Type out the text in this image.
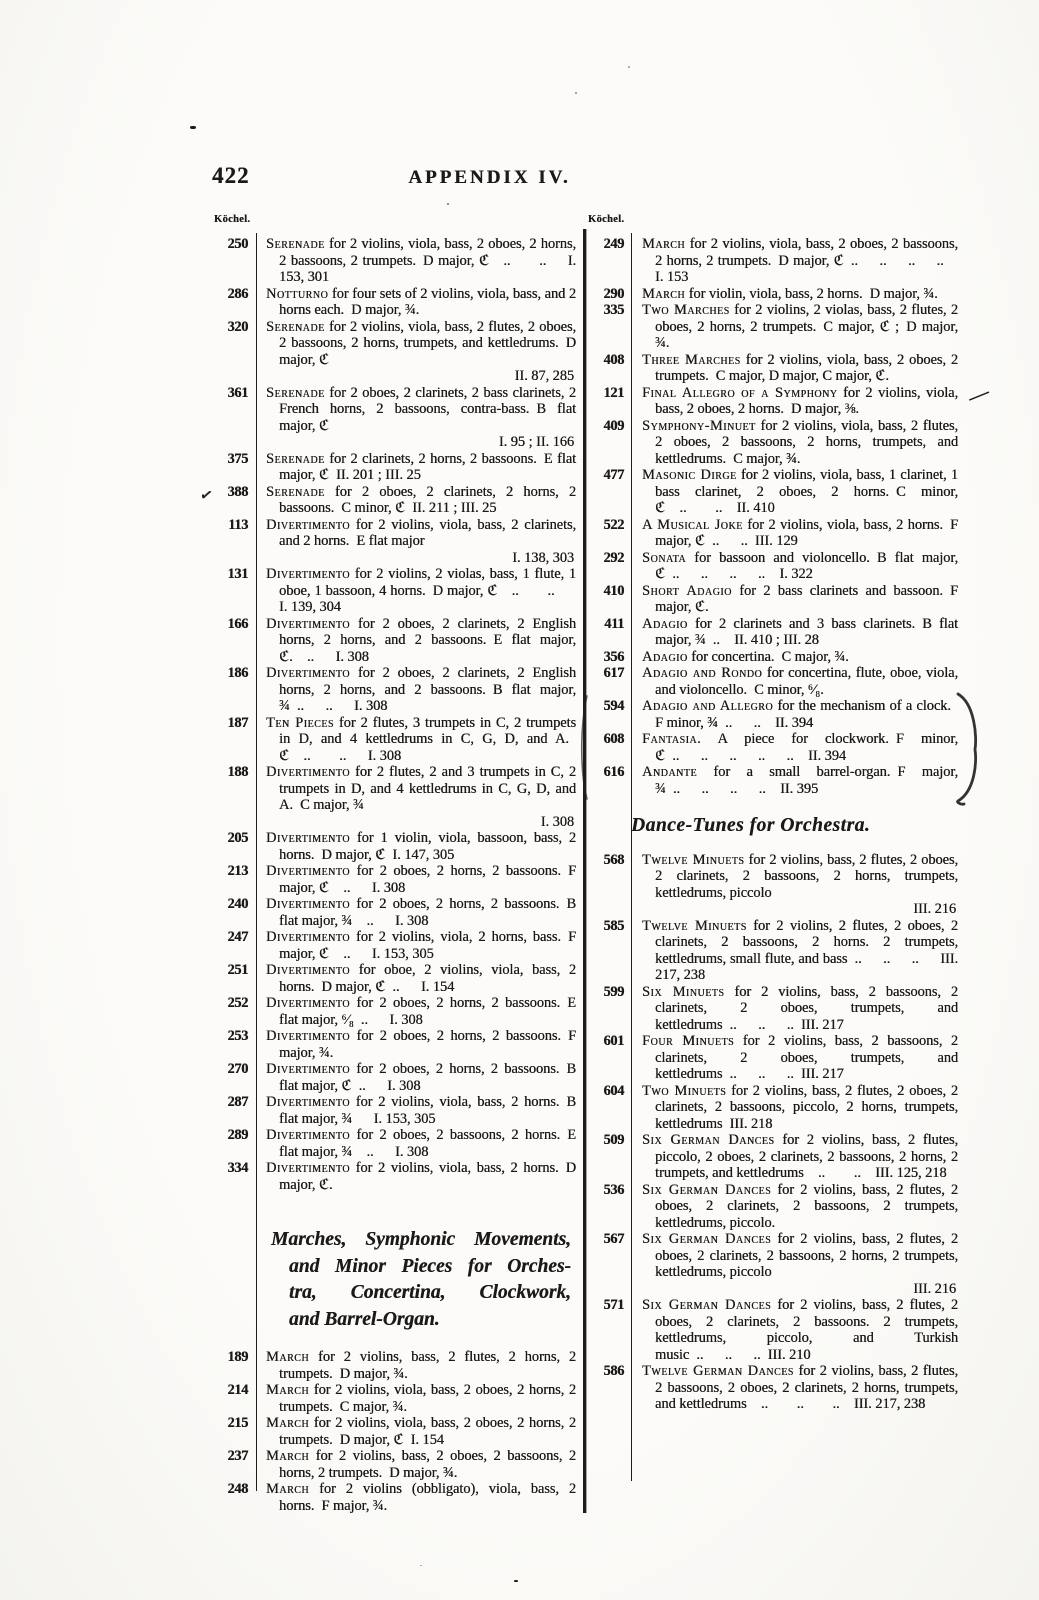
422	APPENDIX IV.
Köchel.	Köchel.
250	Serenade for 2 violins, viola, bass, 2 oboes, 2 horns, 2 bassoons, 2 trumpets. D major, ℭ ..  ..  I. 153, 301

286	Notturno for four sets of 2 violins, viola, bass, and 2 horns each. D major, ¾.

320	Serenade for 2 violins, viola, bass, 2 flutes, 2 oboes, 2 bassoons, 2 horns, trumpets, and kettledrums. D major, ℭ
II. 87, 285

361	Serenade for 2 oboes, 2 clarinets, 2 bass clarinets, 2 French horns, 2 bassoons, contra-bass. B flat major, ℭ
I. 95 ; II. 166

375	Serenade for 2 clarinets, 2 horns, 2 bassoons. E flat major, ℭ II. 201 ; III. 25

388	Serenade for 2 oboes, 2 clarinets, 2 horns, 2 bassoons. C minor, ℭ II. 211 ; III. 25

✓
113	Divertimento for 2 violins, viola, bass, 2 clarinets, and 2 horns. E flat major
I. 138, 303

131	Divertimento for 2 violins, 2 violas, bass, 1 flute, 1 oboe, 1 bassoon, 4 horns. D major, ℭ ..  ..  I. 139, 304

166	Divertimento for 2 oboes, 2 clarinets, 2 English horns, 2 horns, and 2 bassoons. E flat major, ℭ. ..  I. 308

186	Divertimento for 2 oboes, 2 clarinets, 2 English horns, 2 horns, and 2 bassoons. B flat major, ¾ ..  ..  I. 308

187	Ten Pieces for 2 flutes, 3 trumpets in C, 2 trumpets in D, and 4 kettledrums in C, G, D, and A. ℭ ..  ..  I. 308

188	Divertimento for 2 flutes, 2 and 3 trumpets in C, 2 trumpets in D, and 4 kettledrums in C, G, D, and A. C major, ¾
I. 308

205	Divertimento for 1 violin, viola, bassoon, bass, 2 horns. D major, ℭ I. 147, 305

213	Divertimento for 2 oboes, 2 horns, 2 bassoons. F major, ℭ ..  I. 308

240	Divertimento for 2 oboes, 2 horns, 2 bassoons. B flat major, ¾ ..  I. 308

247	Divertimento for 2 violins, viola, 2 horns, bass. F major, ℭ ..  I. 153, 305

251	Divertimento for oboe, 2 violins, viola, bass, 2 horns. D major, ℭ ..  I. 154

252	Divertimento for 2 oboes, 2 horns, 2 bassoons. E flat major, ⁶⁄₈ ..  I. 308

253	Divertimento for 2 oboes, 2 horns, 2 bassoons. F major, ¾.

270	Divertimento for 2 oboes, 2 horns, 2 bassoons. B flat major, ℭ ..  I. 308

287	Divertimento for 2 violins, viola, bass, 2 horns. B flat major, ¾  I. 153, 305

289	Divertimento for 2 oboes, 2 bassoons, 2 horns. E flat major, ¾ ..  I. 308

334	Divertimento for 2 violins, viola, bass, 2 horns. D major, ℭ.

Marches, Symphonic Movements,
and Minor Pieces for Orches-
tra, Concertina, Clockwork,
and Barrel-Organ.
189	March for 2 violins, bass, 2 flutes, 2 horns, 2 trumpets. D major, ¾.

214	March for 2 violins, viola, bass, 2 oboes, 2 horns, 2 trumpets. C major, ¾.

215	March for 2 violins, viola, bass, 2 oboes, 2 horns, 2 trumpets. D major, ℭ I. 154

237	March for 2 violins, bass, 2 oboes, 2 bassoons, 2 horns, 2 trumpets. D major, ¾.

248	March for 2 violins (obbligato), viola, bass, 2 horns. F major, ¾.

249	March for 2 violins, viola, bass, 2 oboes, 2 bassoons, 2 horns, 2 trumpets. D major, ℭ ..  ..  ..  .. I. 153

290	March for violin, viola, bass, 2 horns. D major, ¾.

335	Two Marches for 2 violins, 2 violas, bass, 2 flutes, 2 oboes, 2 horns, 2 trumpets. C major, ℭ ; D major, ¾.

408	Three Marches for 2 violins, viola, bass, 2 oboes, 2 trumpets. C major, D major, C major, ℭ.

121	Final Allegro of a Symphony for 2 violins, viola, bass, 2 oboes, 2 horns. D major, ⅜.

—
409	Symphony-Minuet for 2 violins, viola, bass, 2 flutes, 2 oboes, 2 bassoons, 2 horns, trumpets, and kettledrums. C major, ¾.

477	Masonic Dirge for 2 violins, viola, bass, 1 clarinet, 1 bass clarinet, 2 oboes, 2 horns. C minor, ℭ ..  .. II. 410

522	A Musical Joke for 2 violins, viola, bass, 2 horns. F major, ℭ ..  .. III. 129

292	Sonata for bassoon and violoncello. B flat major, ℭ ..  ..  ..  .. I. 322

410	Short Adagio for 2 bass clarinets and bassoon. F major, ℭ.

411	Adagio for 2 clarinets and 3 bass clarinets. B flat major, ¾ .. II. 410 ; III. 28

356	Adagio for concertina. C major, ¾.

617	Adagio and Rondo for concertina, flute, oboe, viola, and violoncello. C minor, ⁶⁄₈.

594	Adagio and Allegro for the mechanism of a clock. F minor, ¾ ..  .. II. 394

608	Fantasia. A piece for clockwork. F minor, ℭ ..  ..  ..  ..  .. II. 394

616	Andante for a small barrel-organ. F major, ¾ ..  ..  ..  .. II. 395

Dance-Tunes for Orchestra.
568	Twelve Minuets for 2 violins, bass, 2 flutes, 2 oboes, 2 clarinets, 2 bassoons, 2 horns, trumpets, kettledrums, piccolo
III. 216

585	Twelve Minuets for 2 violins, 2 flutes, 2 oboes, 2 clarinets, 2 bassoons, 2 horns. 2 trumpets, kettledrums, small flute, and bass ..  ..  ..  III. 217, 238

599	Six Minuets for 2 violins, bass, 2 bassoons, 2 clarinets, 2 oboes, trumpets, and kettledrums ..  ..  .. III. 217

601	Four Minuets for 2 violins, bass, 2 bassoons, 2 clarinets, 2 oboes, trumpets, and kettledrums ..  ..  .. III. 217

604	Two Minuets for 2 violins, bass, 2 flutes, 2 oboes, 2 clarinets, 2 bassoons, piccolo, 2 horns, trumpets, kettledrums III. 218

509	Six German Dances for 2 violins, bass, 2 flutes, piccolo, 2 oboes, 2 clarinets, 2 bassoons, 2 horns, 2 trumpets, and kettledrums ..  .. III. 125, 218

536	Six German Dances for 2 violins, bass, 2 flutes, 2 oboes, 2 clarinets, 2 bassoons, 2 trumpets, kettledrums, piccolo.

567	Six German Dances for 2 violins, bass, 2 flutes, 2 oboes, 2 clarinets, 2 bassoons, 2 horns, 2 trumpets, kettledrums, piccolo
III. 216

571	Six German Dances for 2 violins, bass, 2 flutes, 2 oboes, 2 clarinets, 2 bassoons. 2 trumpets, kettledrums, piccolo, and Turkish music ..  ..  .. III. 210

586	Twelve German Dances for 2 violins, bass, 2 flutes, 2 bassoons, 2 oboes, 2 clarinets, 2 horns, trumpets, and kettledrums ..  ..  .. III. 217, 238
